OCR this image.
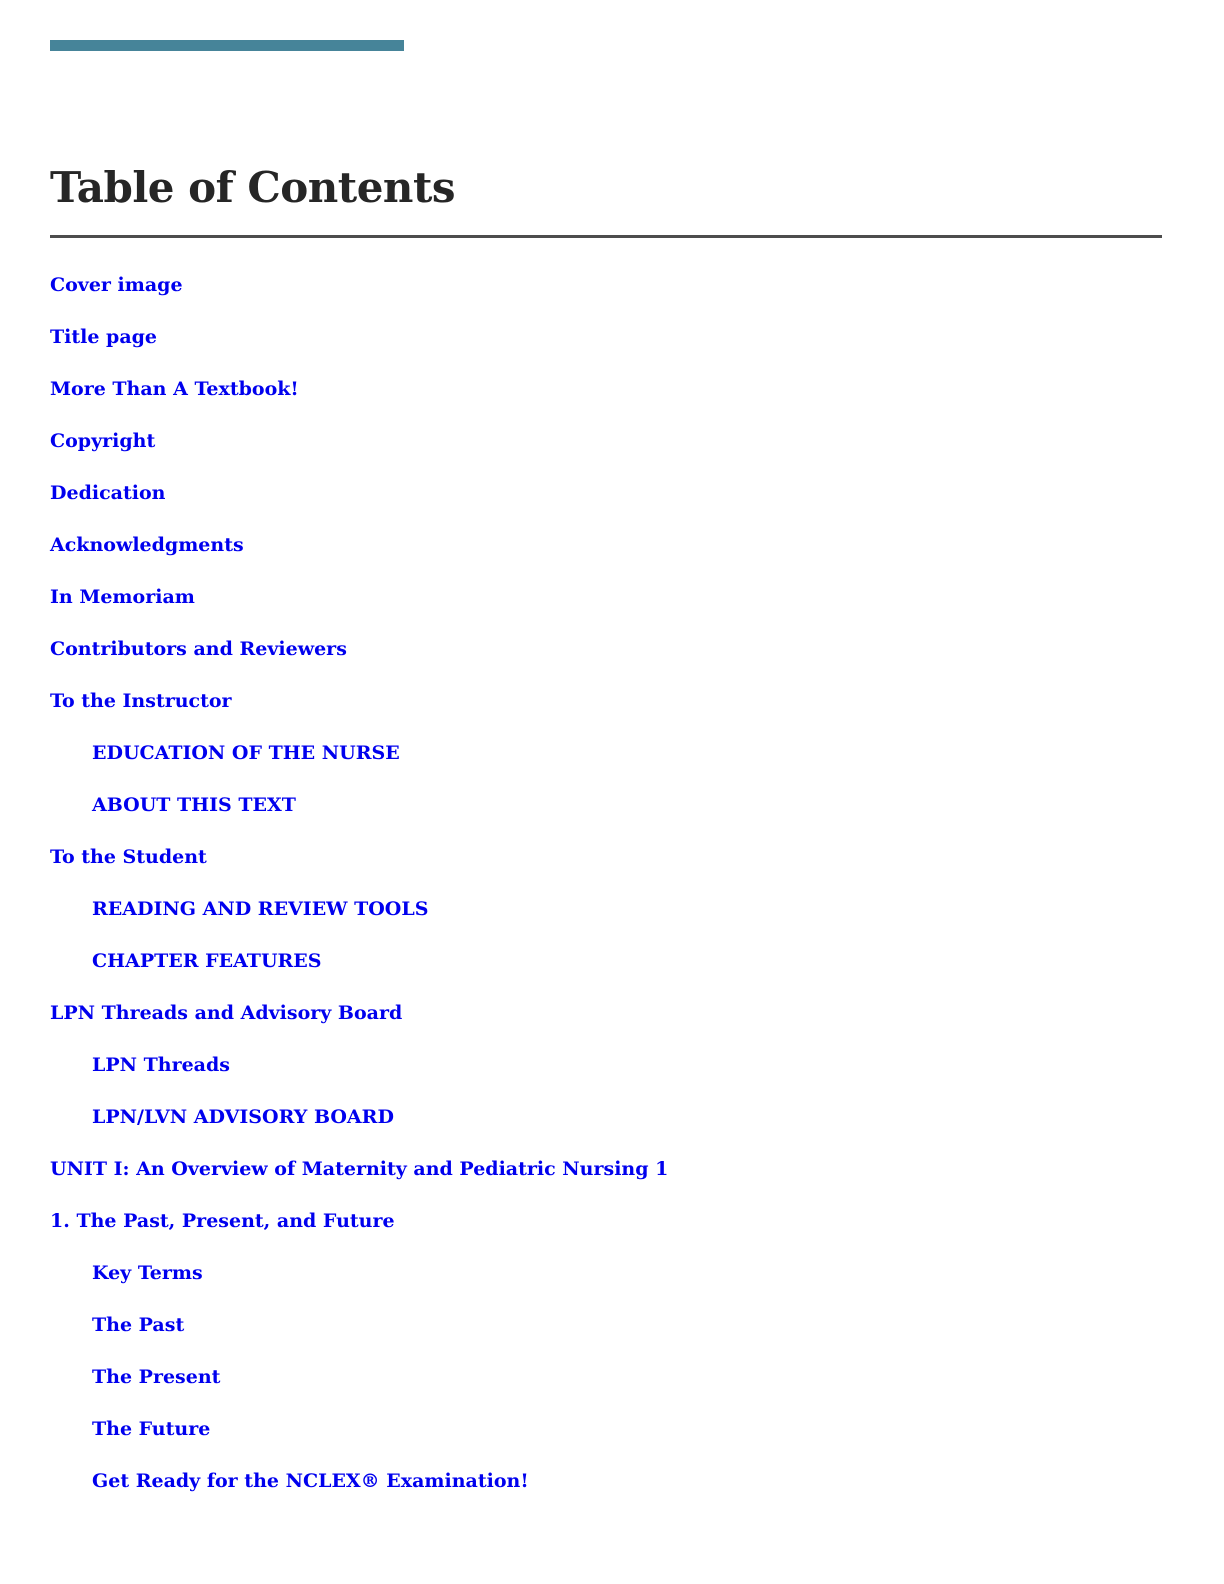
Table of Contents
Cover image
Title page
More Than A Textbook!
Copyright
Dedication
Acknowledgments
In Memoriam
Contributors and Reviewers
To the Instructor
EDUCATION OF THE NURSE
ABOUT THIS TEXT
To the Student
READING AND REVIEW TOOLS
CHAPTER FEATURES
LPN Threads and Advisory Board
LPN Threads
LPN/LVN ADVISORY BOARD
UNIT I: An Overview of Maternity and Pediatric Nursing 1
1. The Past, Present, and Future
Key Terms
The Past
The Present
The Future
Get Ready for the NCLEX® Examination!
